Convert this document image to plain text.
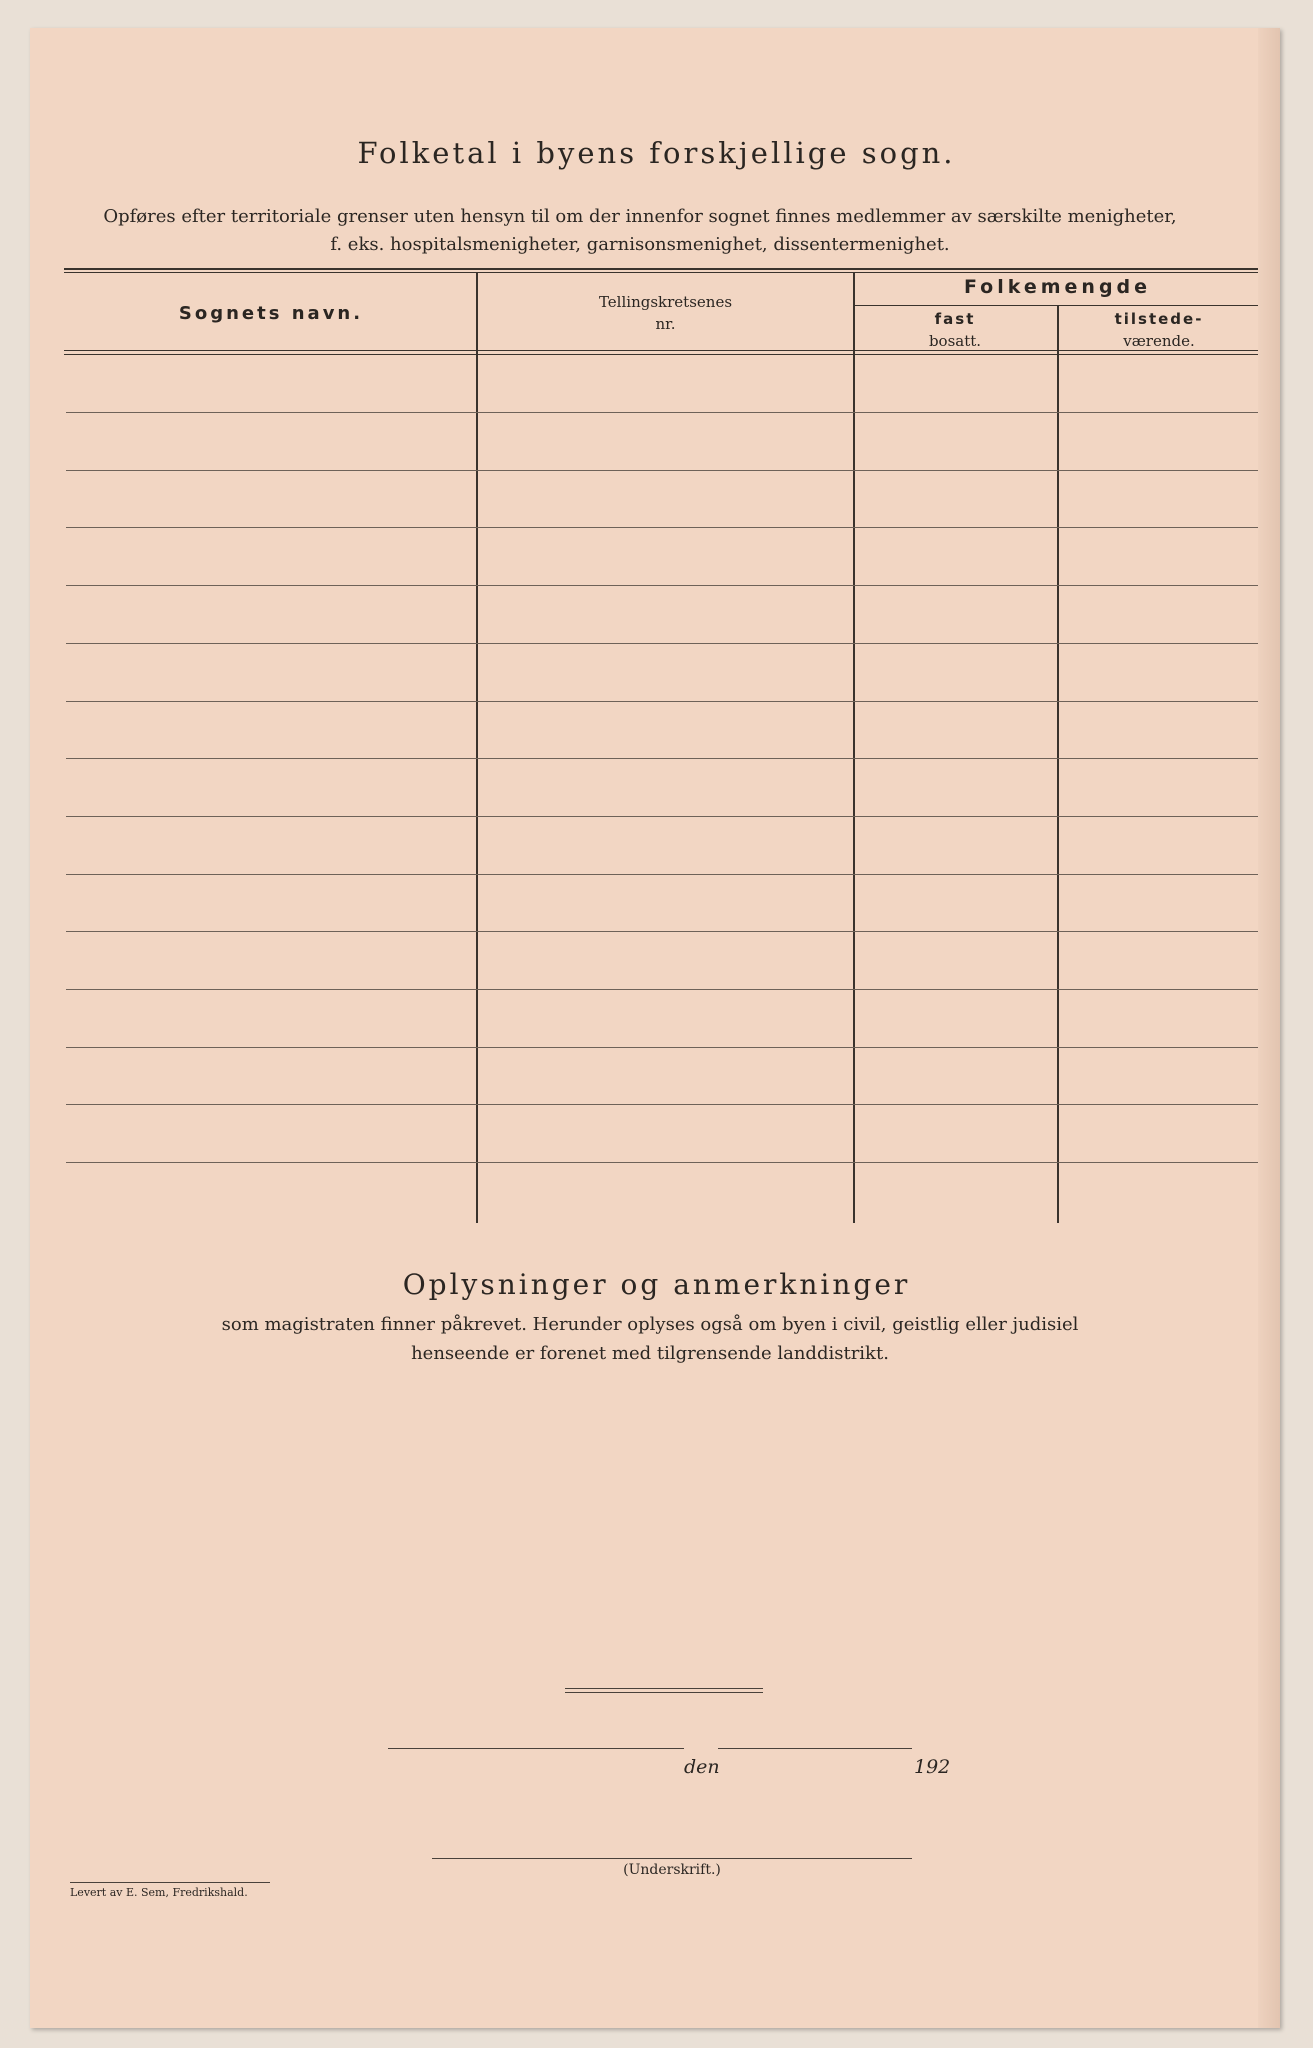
Folketal i byens forskjellige sogn.
Opføres efter territoriale grenser uten hensyn til om der innenfor sognet finnes medlemmer av særskilte menigheter,
f. eks. hospitalsmenigheter, garnisonsmenighet, dissentermenighet.
Sognets navn.
Tellingskretsenes
nr.
Folkemengde
fast
bosatt.
tilstede-
værende.
Oplysninger og anmerkninger
som magistraten finner påkrevet. Herunder oplyses også om byen i civil, geistlig eller judisiel
henseende er forenet med tilgrensende landdistrikt.
den	192
(Underskrift.)
Levert av E. Sem, Fredrikshald.
